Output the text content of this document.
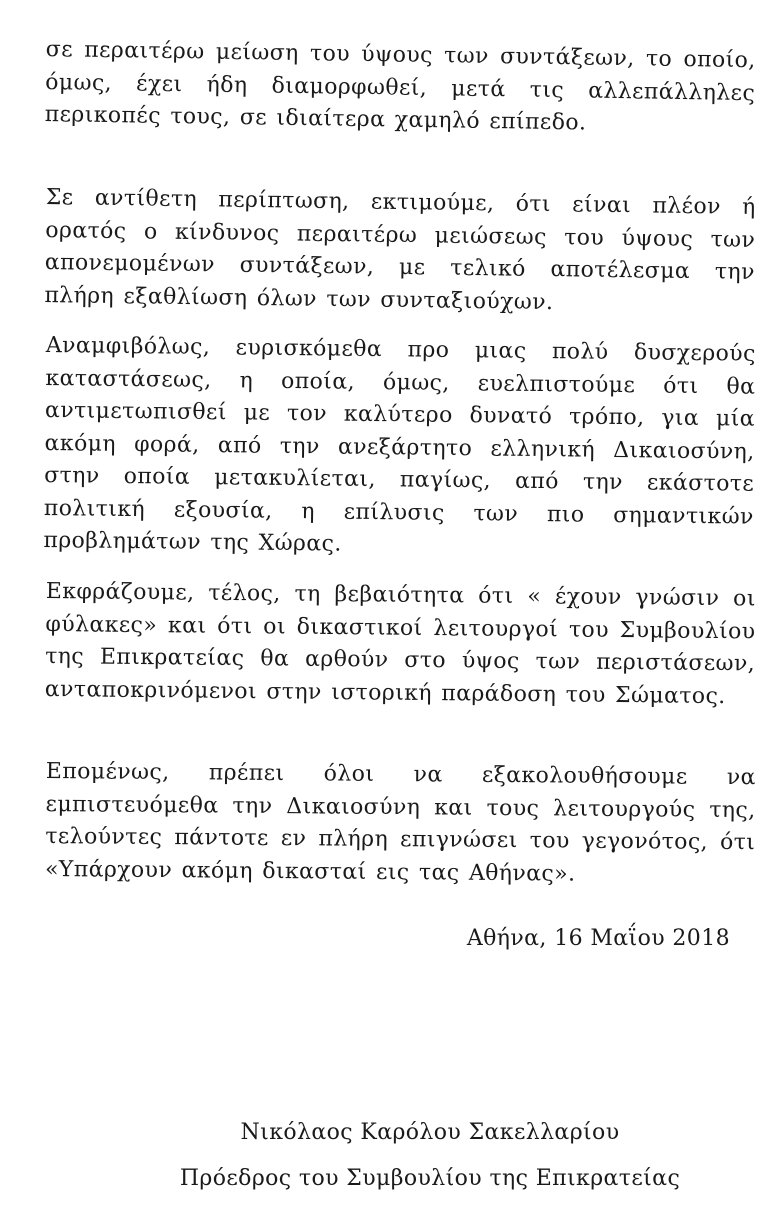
σε περαιτέρω μείωση του ύψους των συντάξεων, το οποίο, όμως, έχει ήδη διαμορφωθεί, μετά τις αλλεπάλληλες περικοπές τους, σε ιδιαίτερα χαμηλό επίπεδο.

Σε αντίθετη περίπτωση, εκτιμούμε, ότι είναι πλέον ή ορατός ο κίνδυνος περαιτέρω μειώσεως του ύψους των απονεμομένων συντάξεων, με τελικό αποτέλεσμα την πλήρη εξαθλίωση όλων των συνταξιούχων.

Αναμφιβόλως, ευρισκόμεθα προ μιας πολύ δυσχερούς καταστάσεως, η οποία, όμως, ευελπιστούμε ότι θα αντιμετωπισθεί με τον καλύτερο δυνατό τρόπο, για μία ακόμη φορά, από την ανεξάρτητο ελληνική Δικαιοσύνη, στην οποία μετακυλίεται, παγίως, από την εκάστοτε πολιτική εξουσία, η επίλυσις των πιο σημαντικών προβλημάτων της Χώρας.

Εκφράζουμε, τέλος, τη βεβαιότητα ότι « έχουν γνώσιν οι φύλακες» και ότι οι δικαστικοί λειτουργοί του Συμβουλίου της Επικρατείας θα αρθούν στο ύψος των περιστάσεων, ανταποκρινόμενοι στην ιστορική παράδοση του Σώματος.

Επομένως, πρέπει όλοι να εξακολουθήσουμε να εμπιστευόμεθα την Δικαιοσύνη και τους λειτουργούς της, τελούντες πάντοτε εν πλήρη επιγνώσει του γεγονότος, ότι «Υπάρχουν ακόμη δικασταί εις τας Αθήνας».

Αθήνα, 16 Μαΐου 2018
Νικόλαος Καρόλου Σακελλαρίου
Πρόεδρος του Συμβουλίου της Επικρατείας
